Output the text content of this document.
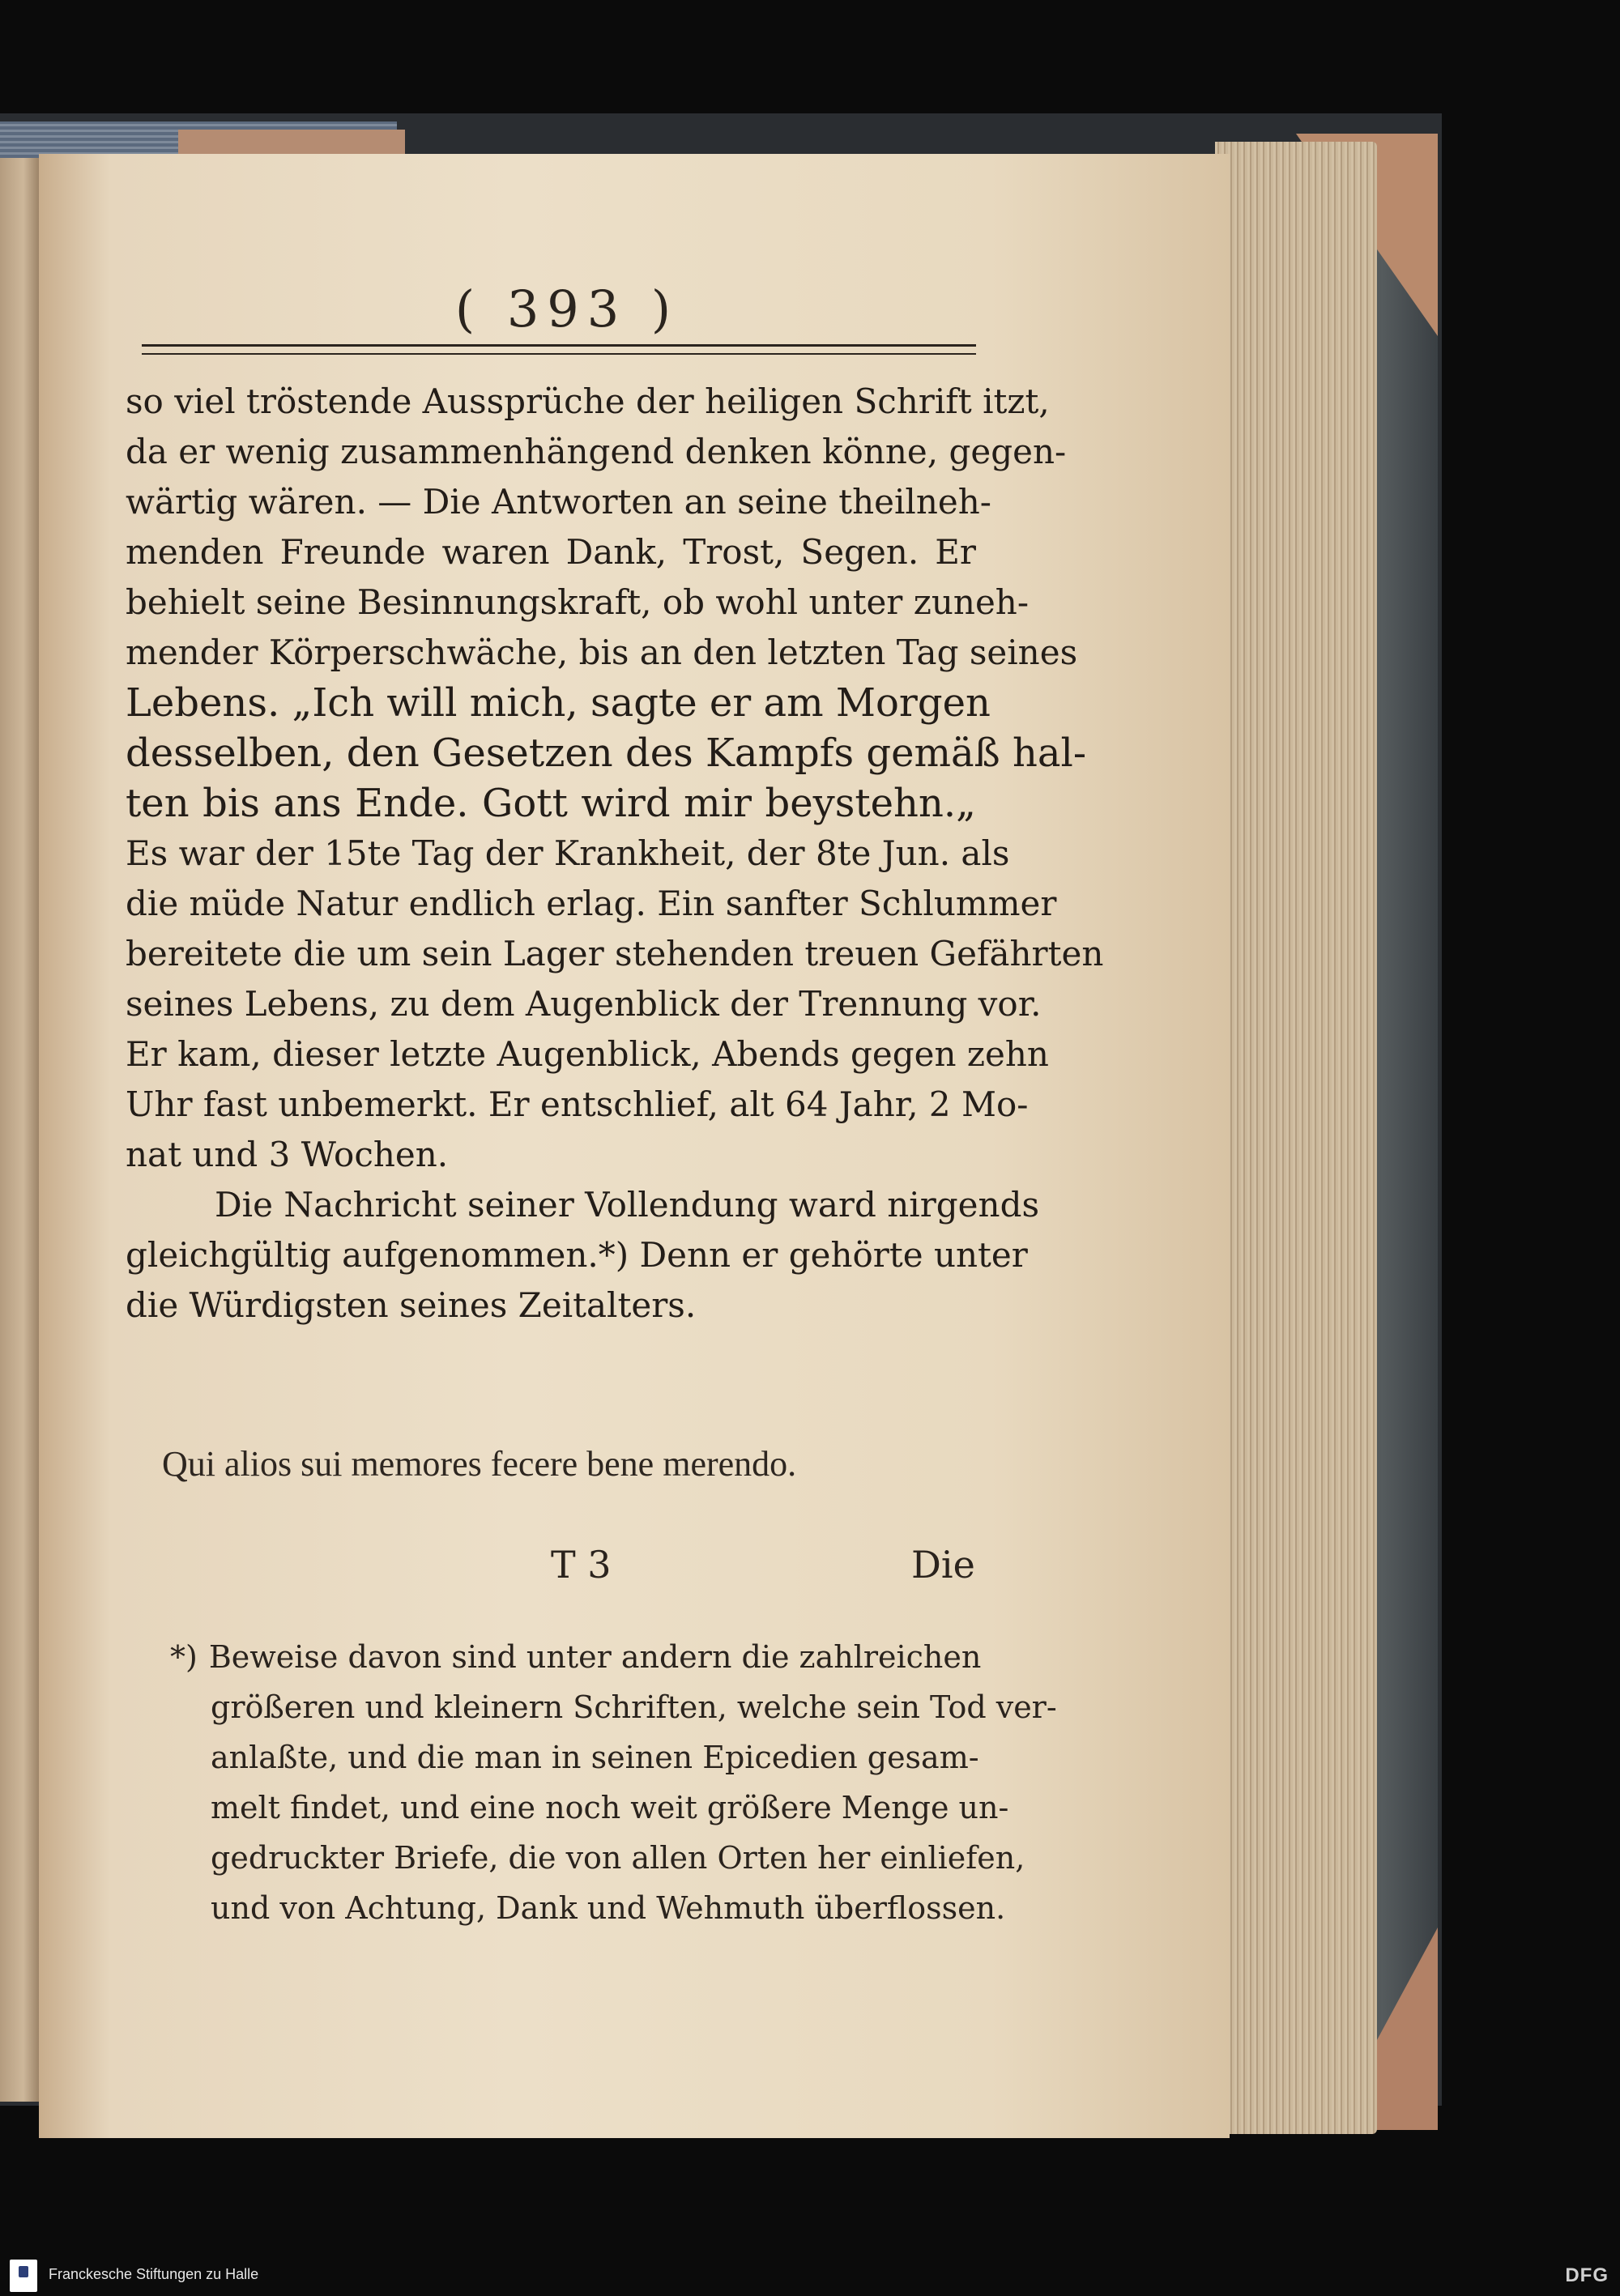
( 393 )
so viel tröstende Aussprüche der heiligen Schrift itzt,
da er wenig zusammenhängend denken könne, gegen-
wärtig wären. — Die Antworten an seine theilneh-
menden Freunde waren Dank, Trost, Segen. Er
behielt seine Besinnungskraft, ob wohl unter zuneh-
mender Körperschwäche, bis an den letzten Tag seines
Lebens. „Ich will mich, sagte er am Morgen
desselben, den Gesetzen des Kampfs gemäß hal-
ten bis ans Ende. Gott wird mir beystehn.„
Es war der 15te Tag der Krankheit, der 8te Jun. als
die müde Natur endlich erlag. Ein sanfter Schlummer
bereitete die um sein Lager stehenden treuen Gefährten
seines Lebens, zu dem Augenblick der Trennung vor.
Er kam, dieser letzte Augenblick, Abends gegen zehn
Uhr fast unbemerkt. Er entschlief, alt 64 Jahr, 2 Mo-
nat und 3 Wochen.
Die Nachricht seiner Vollendung ward nirgends
gleichgültig aufgenommen.*) Denn er gehörte unter
die Würdigsten seines Zeitalters.
Qui alios sui memores fecere bene merendo.
T 3	Die
*) Beweise davon sind unter andern die zahlreichen
größeren und kleinern Schriften, welche sein Tod ver-
anlaßte, und die man in seinen Epicedien gesam-
melt findet, und eine noch weit größere Menge un-
gedruckter Briefe, die von allen Orten her einliefen,
und von Achtung, Dank und Wehmuth überflossen.
Franckesche Stiftungen zu Halle	DFG
